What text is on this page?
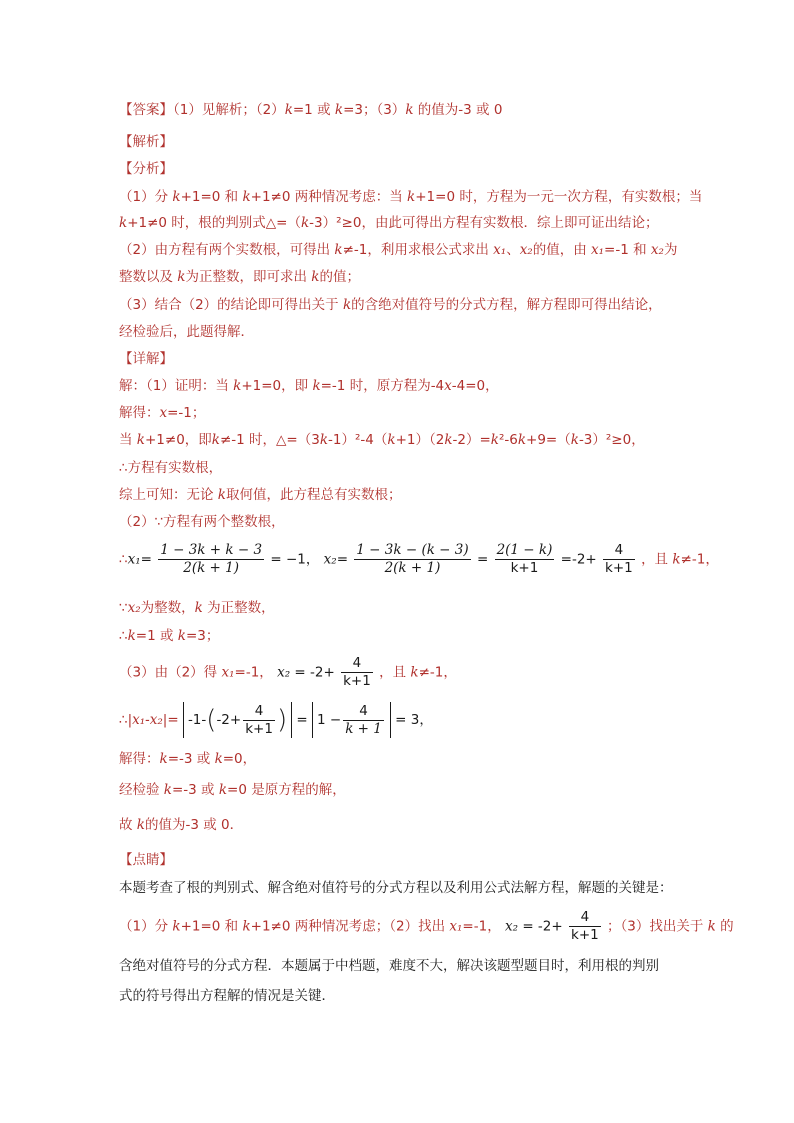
【答案】（1）见解析；（2）k=1 或 k=3；（3）k 的值为-3 或 0
【解析】
【分析】
（1）分 k+1=0 和 k+1≠0 两种情况考虑：当 k+1=0 时，方程为一元一次方程，有实数根；当
k+1≠0 时，根的判别式△=（k-3）²≥0，由此可得出方程有实数根．综上即可证出结论；
（2）由方程有两个实数根，可得出 k≠-1，利用求根公式求出 x₁、x₂的值，由 x₁=-1 和 x₂为
整数以及 k为正整数，即可求出 k的值；
（3）结合（2）的结论即可得出关于 k的含绝对值符号的分式方程，解方程即可得出结论，
经检验后，此题得解．
【详解】
解：（1）证明：当 k+1=0，即 k=-1 时，原方程为-4x-4=0，
解得：x=-1；
当 k+1≠0，即k≠-1 时，△=（3k-1）²-4（k+1）（2k-2）=k²-6k+9=（k-3）²≥0，
∴方程有实数根，
综上可知：无论 k取何值，此方程总有实数根；
（2）∵方程有两个整数根，
∴x₁= $\frac{1 - 3k + k - 3}{2(k + 1)} = -1$， $x_2= \frac{1 - 3k - (k - 3)}{2(k + 1)} = \frac{2(1 - k)}{k+1} =-2+ \frac{4}{k+1}$ ，且 k≠-1，
∵x₂为整数，k 为正整数，
∴k=1 或 k=3；
（3）由（2）得 x₁=-1， $x_2 = -2+ \frac{4}{k+1}$ ，且 k≠-1，
∴|x₁-x₂|= $-1-(-2+ \frac{4}{k+1}$ ) = $1 - \frac{4}{k + 1} = 3$，
解得：k=-3 或 k=0，
经检验 k=-3 或 k=0 是原方程的解，
故 k的值为-3 或 0．
【点睛】
本题考查了根的判别式、解含绝对值符号的分式方程以及利用公式法解方程，解题的关键是：
（1）分 k+1=0 和 k+1≠0 两种情况考虑；（2）找出 x₁=-1， $x_2 = -2+ \frac{4}{k+1}$ ；（3）找出关于 k 的
含绝对值符号的分式方程．本题属于中档题，难度不大，解决该题型题目时，利用根的判别
式的符号得出方程解的情况是关键．
